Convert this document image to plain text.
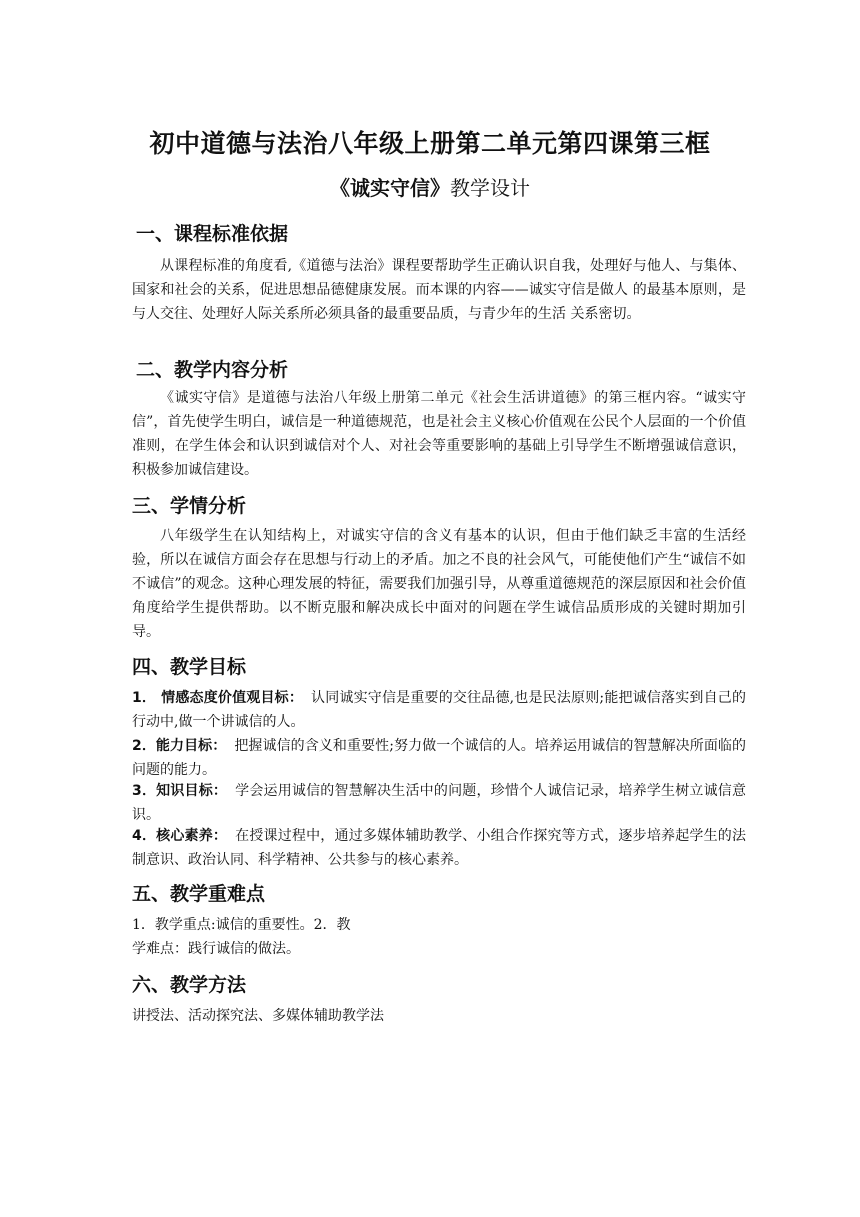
初中道德与法治八年级上册第二单元第四课第三框
《诚实守信》教学设计
一、课程标准依据

从课程标准的角度看,《道德与法治》课程要帮助学生正确认识自我，处理好与他人、与集体、国家和社会的关系，促进思想品德健康发展。而本课的内容——诚实守信是做人 的最基本原则，是与人交往、处理好人际关系所必须具备的最重要品质，与青少年的生活 关系密切。

二、教学内容分析

《诚实守信》是道德与法治八年级上册第二单元《社会生活讲道德》的第三框内容。“诚实守信”，首先使学生明白，诚信是一种道德规范，也是社会主义核心价值观在公民个人层面的一个价值准则，在学生体会和认识到诚信对个人、对社会等重要影响的基础上引导学生不断增强诚信意识，积极参加诚信建设。

三、学情分析

八年级学生在认知结构上，对诚实守信的含义有基本的认识，但由于他们缺乏丰富的生活经验，所以在诚信方面会存在思想与行动上的矛盾。加之不良的社会风气，可能使他们产生“诚信不如不诚信”的观念。这种心理发展的特征，需要我们加强引导，从尊重道德规范的深层原因和社会价值角度给学生提供帮助。以不断克服和解决成长中面对的问题在学生诚信品质形成的关键时期加引导。

四、教学目标

1． 情感态度价值观目标： 认同诚实守信是重要的交往品德,也是民法原则;能把诚信落实到自己的行动中,做一个讲诚信的人。

2．能力目标： 把握诚信的含义和重要性;努力做一个诚信的人。培养运用诚信的智慧解决所面临的问题的能力。

3．知识目标： 学会运用诚信的智慧解决生活中的问题，珍惜个人诚信记录，培养学生树立诚信意识。

4．核心素养： 在授课过程中，通过多媒体辅助教学、小组合作探究等方式，逐步培养起学生的法制意识、政治认同、科学精神、公共参与的核心素养。

五、教学重难点

1．教学重点:诚信的重要性。2．教

学难点：践行诚信的做法。

六、教学方法

讲授法、活动探究法、多媒体辅助教学法
